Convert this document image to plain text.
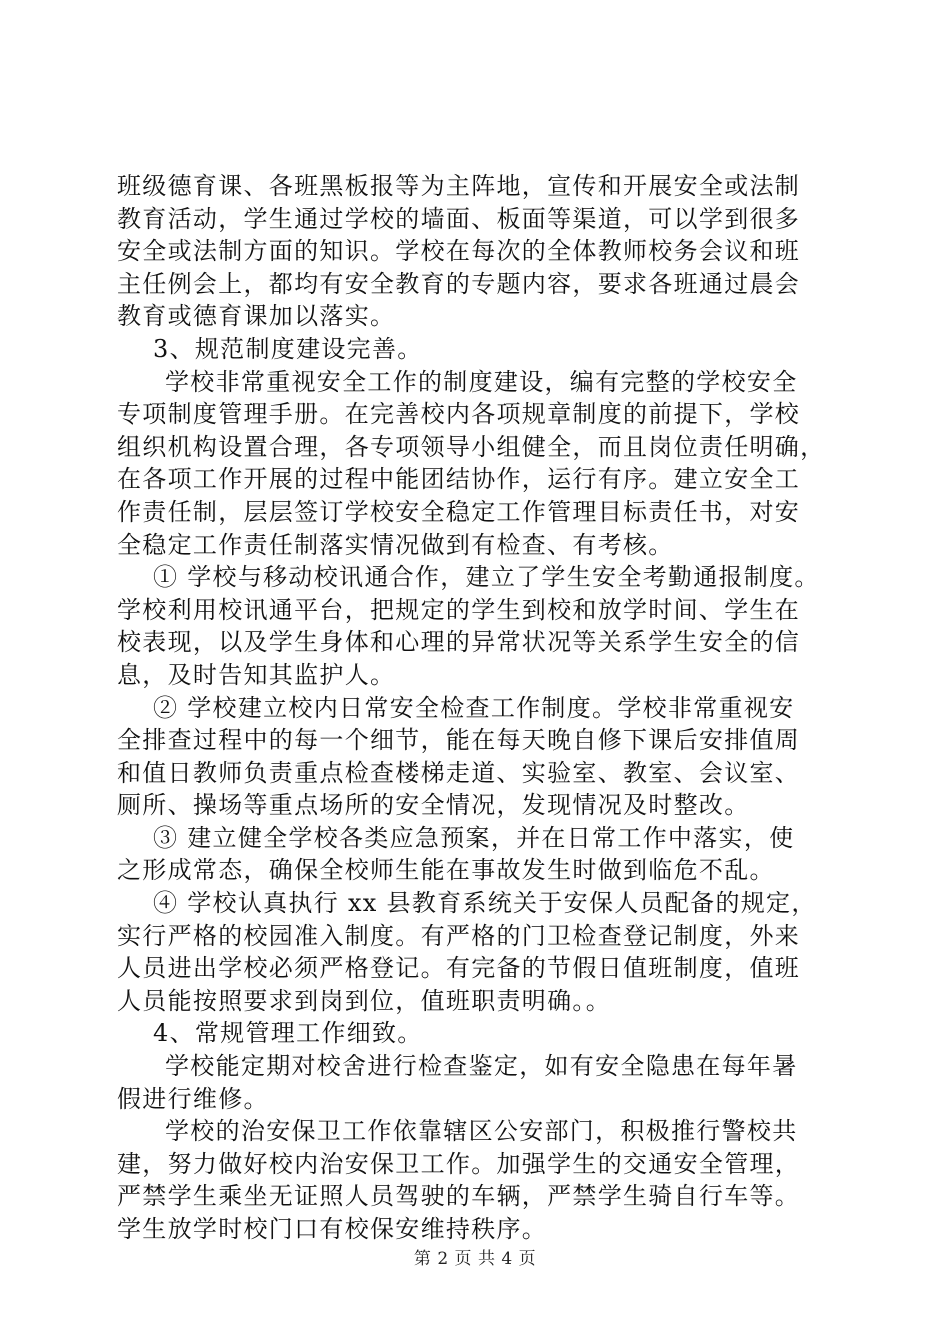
班级德育课、各班黑板报等为主阵地，宣传和开展安全或法制
教育活动，学生通过学校的墙面、板面等渠道，可以学到很多
安全或法制方面的知识。学校在每次的全体教师校务会议和班
主任例会上，都均有安全教育的专题内容，要求各班通过晨会
教育或德育课加以落实。
3、规范制度建设完善。
学校非常重视安全工作的制度建设，编有完整的学校安全
专项制度管理手册。在完善校内各项规章制度的前提下，学校
组织机构设置合理，各专项领导小组健全，而且岗位责任明确，
在各项工作开展的过程中能团结协作，运行有序。建立安全工
作责任制，层层签订学校安全稳定工作管理目标责任书，对安
全稳定工作责任制落实情况做到有检查、有考核。
① 学校与移动校讯通合作，建立了学生安全考勤通报制度。
学校利用校讯通平台，把规定的学生到校和放学时间、学生在
校表现，以及学生身体和心理的异常状况等关系学生安全的信
息，及时告知其监护人。
② 学校建立校内日常安全检查工作制度。学校非常重视安
全排查过程中的每一个细节，能在每天晚自修下课后安排值周
和值日教师负责重点检查楼梯走道、实验室、教室、会议室、
厕所、操场等重点场所的安全情况，发现情况及时整改。
③ 建立健全学校各类应急预案，并在日常工作中落实，使
之形成常态，确保全校师生能在事故发生时做到临危不乱。
④ 学校认真执行 xx 县教育系统关于安保人员配备的规定，
实行严格的校园准入制度。有严格的门卫检查登记制度，外来
人员进出学校必须严格登记。有完备的节假日值班制度，值班
人员能按照要求到岗到位，值班职责明确。。
4、常规管理工作细致。
学校能定期对校舍进行检查鉴定，如有安全隐患在每年暑
假进行维修。
学校的治安保卫工作依靠辖区公安部门，积极推行警校共
建，努力做好校内治安保卫工作。加强学生的交通安全管理，
严禁学生乘坐无证照人员驾驶的车辆，严禁学生骑自行车等。
学生放学时校门口有校保安维持秩序。
第 2 页 共 4 页
